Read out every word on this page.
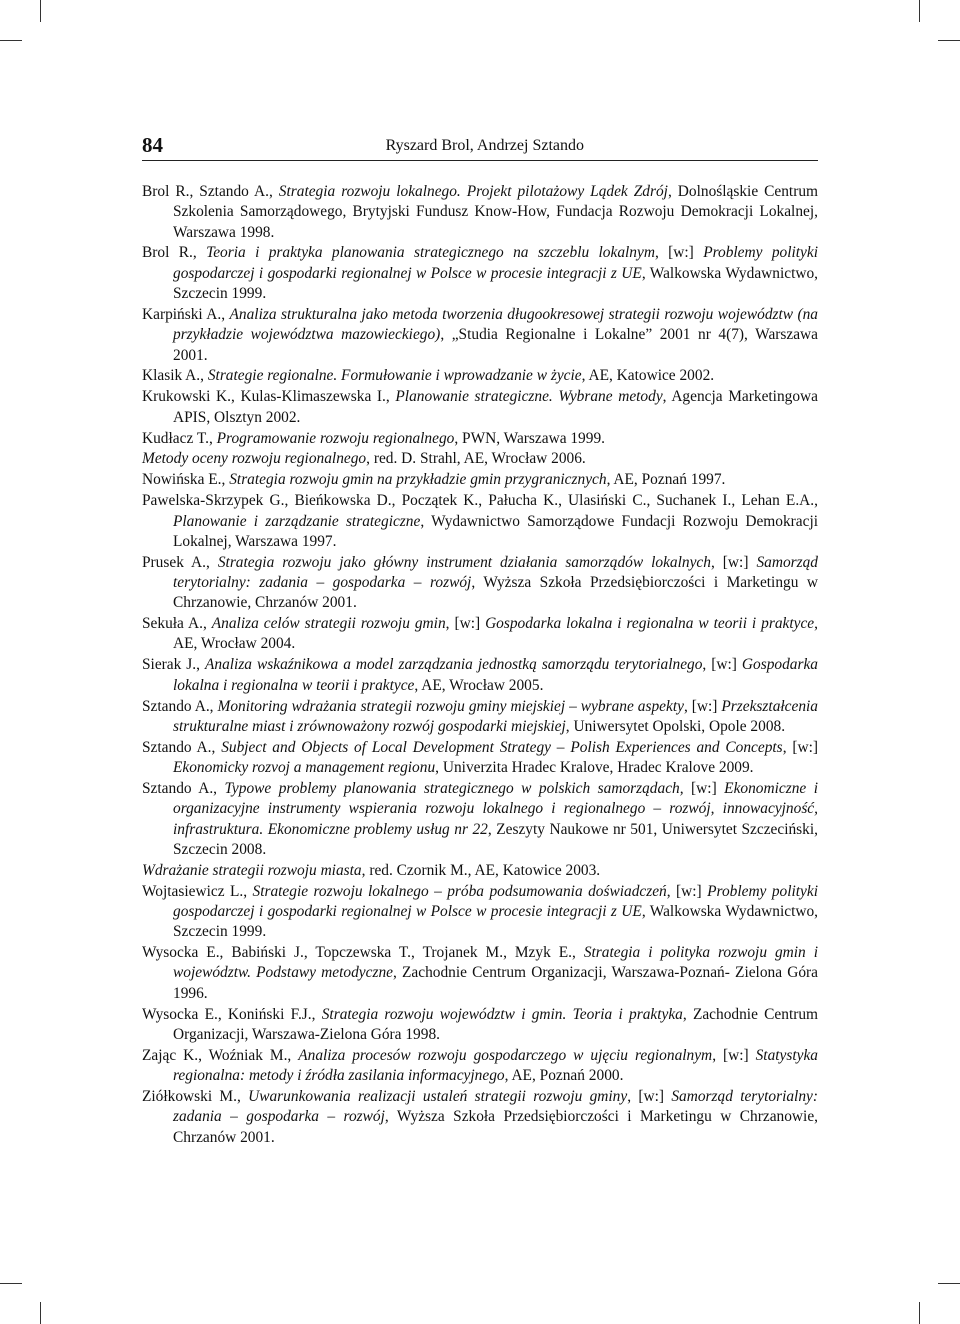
84	Ryszard Brol, Andrzej Sztando

Brol R., Sztando A., Strategia rozwoju lokalnego. Projekt pilotażowy Lądek Zdrój, Dolnośląskie Centrum Szkolenia Samorządowego, Brytyjski Fundusz Know-How, Fundacja Rozwoju Demokracji Lokalnej, Warszawa 1998.

Brol R., Teoria i praktyka planowania strategicznego na szczeblu lokalnym, [w:] Problemy polityki gospodarczej i gospodarki regionalnej w Polsce w procesie integracji z UE, Walkowska Wydawnictwo, Szczecin 1999.

Karpiński A., Analiza strukturalna jako metoda tworzenia długookresowej strategii rozwoju województw (na przykładzie województwa mazowieckiego), „Studia Regionalne i Lokalne” 2001 nr 4(7), Warszawa 2001.

Klasik A., Strategie regionalne. Formułowanie i wprowadzanie w życie, AE, Katowice 2002.

Krukowski K., Kulas-Klimaszewska I., Planowanie strategiczne. Wybrane metody, Agencja Marketingowa APIS, Olsztyn 2002.

Kudłacz T., Programowanie rozwoju regionalnego, PWN, Warszawa 1999.

Metody oceny rozwoju regionalnego, red. D. Strahl, AE, Wrocław 2006.

Nowińska E., Strategia rozwoju gmin na przykładzie gmin przygranicznych, AE, Poznań 1997.

Pawelska-Skrzypek G., Bieńkowska D., Początek K., Pałucha K., Ulasiński C., Suchanek I., Lehan E.A., Planowanie i zarządzanie strategiczne, Wydawnictwo Samorządowe Fundacji Rozwoju Demokracji Lokalnej, Warszawa 1997.

Prusek A., Strategia rozwoju jako główny instrument działania samorządów lokalnych, [w:] Samorząd terytorialny: zadania – gospodarka – rozwój, Wyższa Szkoła Przedsiębiorczości i Marketingu w Chrzanowie, Chrzanów 2001.

Sekuła A., Analiza celów strategii rozwoju gmin, [w:] Gospodarka lokalna i regionalna w teorii i praktyce, AE, Wrocław 2004.

Sierak J., Analiza wskaźnikowa a model zarządzania jednostką samorządu terytorialnego, [w:] Gospodarka lokalna i regionalna w teorii i praktyce, AE, Wrocław 2005.

Sztando A., Monitoring wdrażania strategii rozwoju gminy miejskiej – wybrane aspekty, [w:] Przekształcenia strukturalne miast i zrównoważony rozwój gospodarki miejskiej, Uniwersytet Opolski, Opole 2008.

Sztando A., Subject and Objects of Local Development Strategy – Polish Experiences and Concepts, [w:] Ekonomicky rozvoj a management regionu, Univerzita Hradec Kralove, Hradec Kralove 2009.

Sztando A., Typowe problemy planowania strategicznego w polskich samorządach, [w:] Ekonomiczne i organizacyjne instrumenty wspierania rozwoju lokalnego i regionalnego – rozwój, innowacyjność, infrastruktura. Ekonomiczne problemy usług nr 22, Zeszyty Naukowe nr 501, Uniwersytet Szczeciński, Szczecin 2008.

Wdrażanie strategii rozwoju miasta, red. Czornik M., AE, Katowice 2003.

Wojtasiewicz L., Strategie rozwoju lokalnego – próba podsumowania doświadczeń, [w:] Problemy polityki gospodarczej i gospodarki regionalnej w Polsce w procesie integracji z UE, Walkowska Wydawnictwo, Szczecin 1999.

Wysocka E., Babiński J., Topczewska T., Trojanek M., Mzyk E., Strategia i polityka rozwoju gmin i województw. Podstawy metodyczne, Zachodnie Centrum Organizacji, Warszawa-Poznań- Zielona Góra 1996.

Wysocka E., Koniński F.J., Strategia rozwoju województw i gmin. Teoria i praktyka, Zachodnie Centrum Organizacji, Warszawa-Zielona Góra 1998.

Zając K., Woźniak M., Analiza procesów rozwoju gospodarczego w ujęciu regionalnym, [w:] Statystyka regionalna: metody i źródła zasilania informacyjnego, AE, Poznań 2000.

Ziółkowski M., Uwarunkowania realizacji ustaleń strategii rozwoju gminy, [w:] Samorząd terytorialny: zadania – gospodarka – rozwój, Wyższa Szkoła Przedsiębiorczości i Marketingu w Chrzanowie, Chrzanów 2001.
